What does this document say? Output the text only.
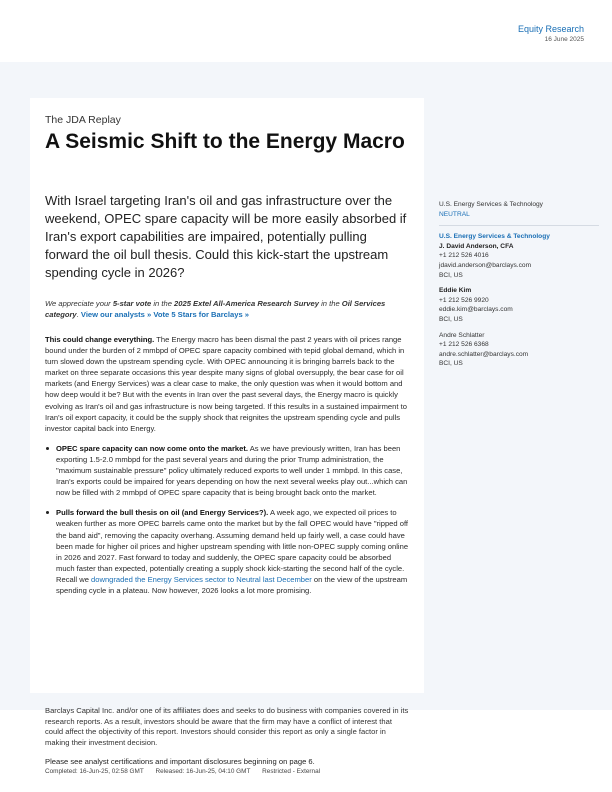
Equity Research
16 June 2025
The JDA Replay
A Seismic Shift to the Energy Macro
With Israel targeting Iran's oil and gas infrastructure over the weekend, OPEC spare capacity will be more easily absorbed if Iran's export capabilities are impaired, potentially pulling forward the oil bull thesis. Could this kick-start the upstream spending cycle in 2026?
We appreciate your 5-star vote in the 2025 Extel All-America Research Survey in the Oil Services category. View our analysts » Vote 5 Stars for Barclays »

This could change everything. The Energy macro has been dismal the past 2 years with oil prices range bound under the burden of 2 mmbpd of OPEC spare capacity combined with tepid global demand, which in turn slowed down the upstream spending cycle. With OPEC announcing it is bringing barrels back to the market on three separate occasions this year despite many signs of global oversupply, the bear case for oil markets (and Energy Services) was a clear case to make, the only question was when it would bottom and how deep would it be? But with the events in Iran over the past several days, the Energy macro is quickly evolving as Iran's oil and gas infrastructure is now being targeted. If this results in a sustained impairment to Iran's oil export capacity, it could be the supply shock that reignites the upstream spending cycle and pulls investor capital back into Energy.

OPEC spare capacity can now come onto the market. As we have previously written, Iran has been exporting 1.5-2.0 mmbpd for the past several years and during the prior Trump administration, the "maximum sustainable pressure" policy ultimately reduced exports to well under 1 mmbpd. In this case, Iran's exports could be impaired for years depending on how the next several weeks play out...which can now be filled with 2 mmbpd of OPEC spare capacity that is being brought back onto the market.
Pulls forward the bull thesis on oil (and Energy Services?). A week ago, we expected oil prices to weaken further as more OPEC barrels came onto the market but by the fall OPEC would have "ripped off the band aid", removing the capacity overhang. Assuming demand held up fairly well, a case could have been made for higher oil prices and higher upstream spending with little non-OPEC supply coming online in 2026 and 2027. Fast forward to today and suddenly, the OPEC spare capacity could be absorbed much faster than expected, potentially creating a supply shock kick-starting the second half of the cycle. Recall we downgraded the Energy Services sector to Neutral last December on the view of the upstream spending cycle in a plateau. Now however, 2026 looks a lot more promising.
U.S. Energy Services & Technology
NEUTRAL
U.S. Energy Services & Technology
J. David Anderson, CFA
+1 212 526 4016
jdavid.anderson@barclays.com
BCI, US
Eddie Kim
+1 212 526 9920
eddie.kim@barclays.com
BCI, US
Andre Schlatter
+1 212 526 6368
andre.schlatter@barclays.com
BCI, US
Barclays Capital Inc. and/or one of its affiliates does and seeks to do business with companies covered in its research reports. As a result, investors should be aware that the firm may have a conflict of interest that could affect the objectivity of this report. Investors should consider this report as only a single factor in making their investment decision.
Please see analyst certifications and important disclosures beginning on page 6.
Completed: 16-Jun-25, 02:58 GMT Released: 16-Jun-25, 04:10 GMT Restricted - External
